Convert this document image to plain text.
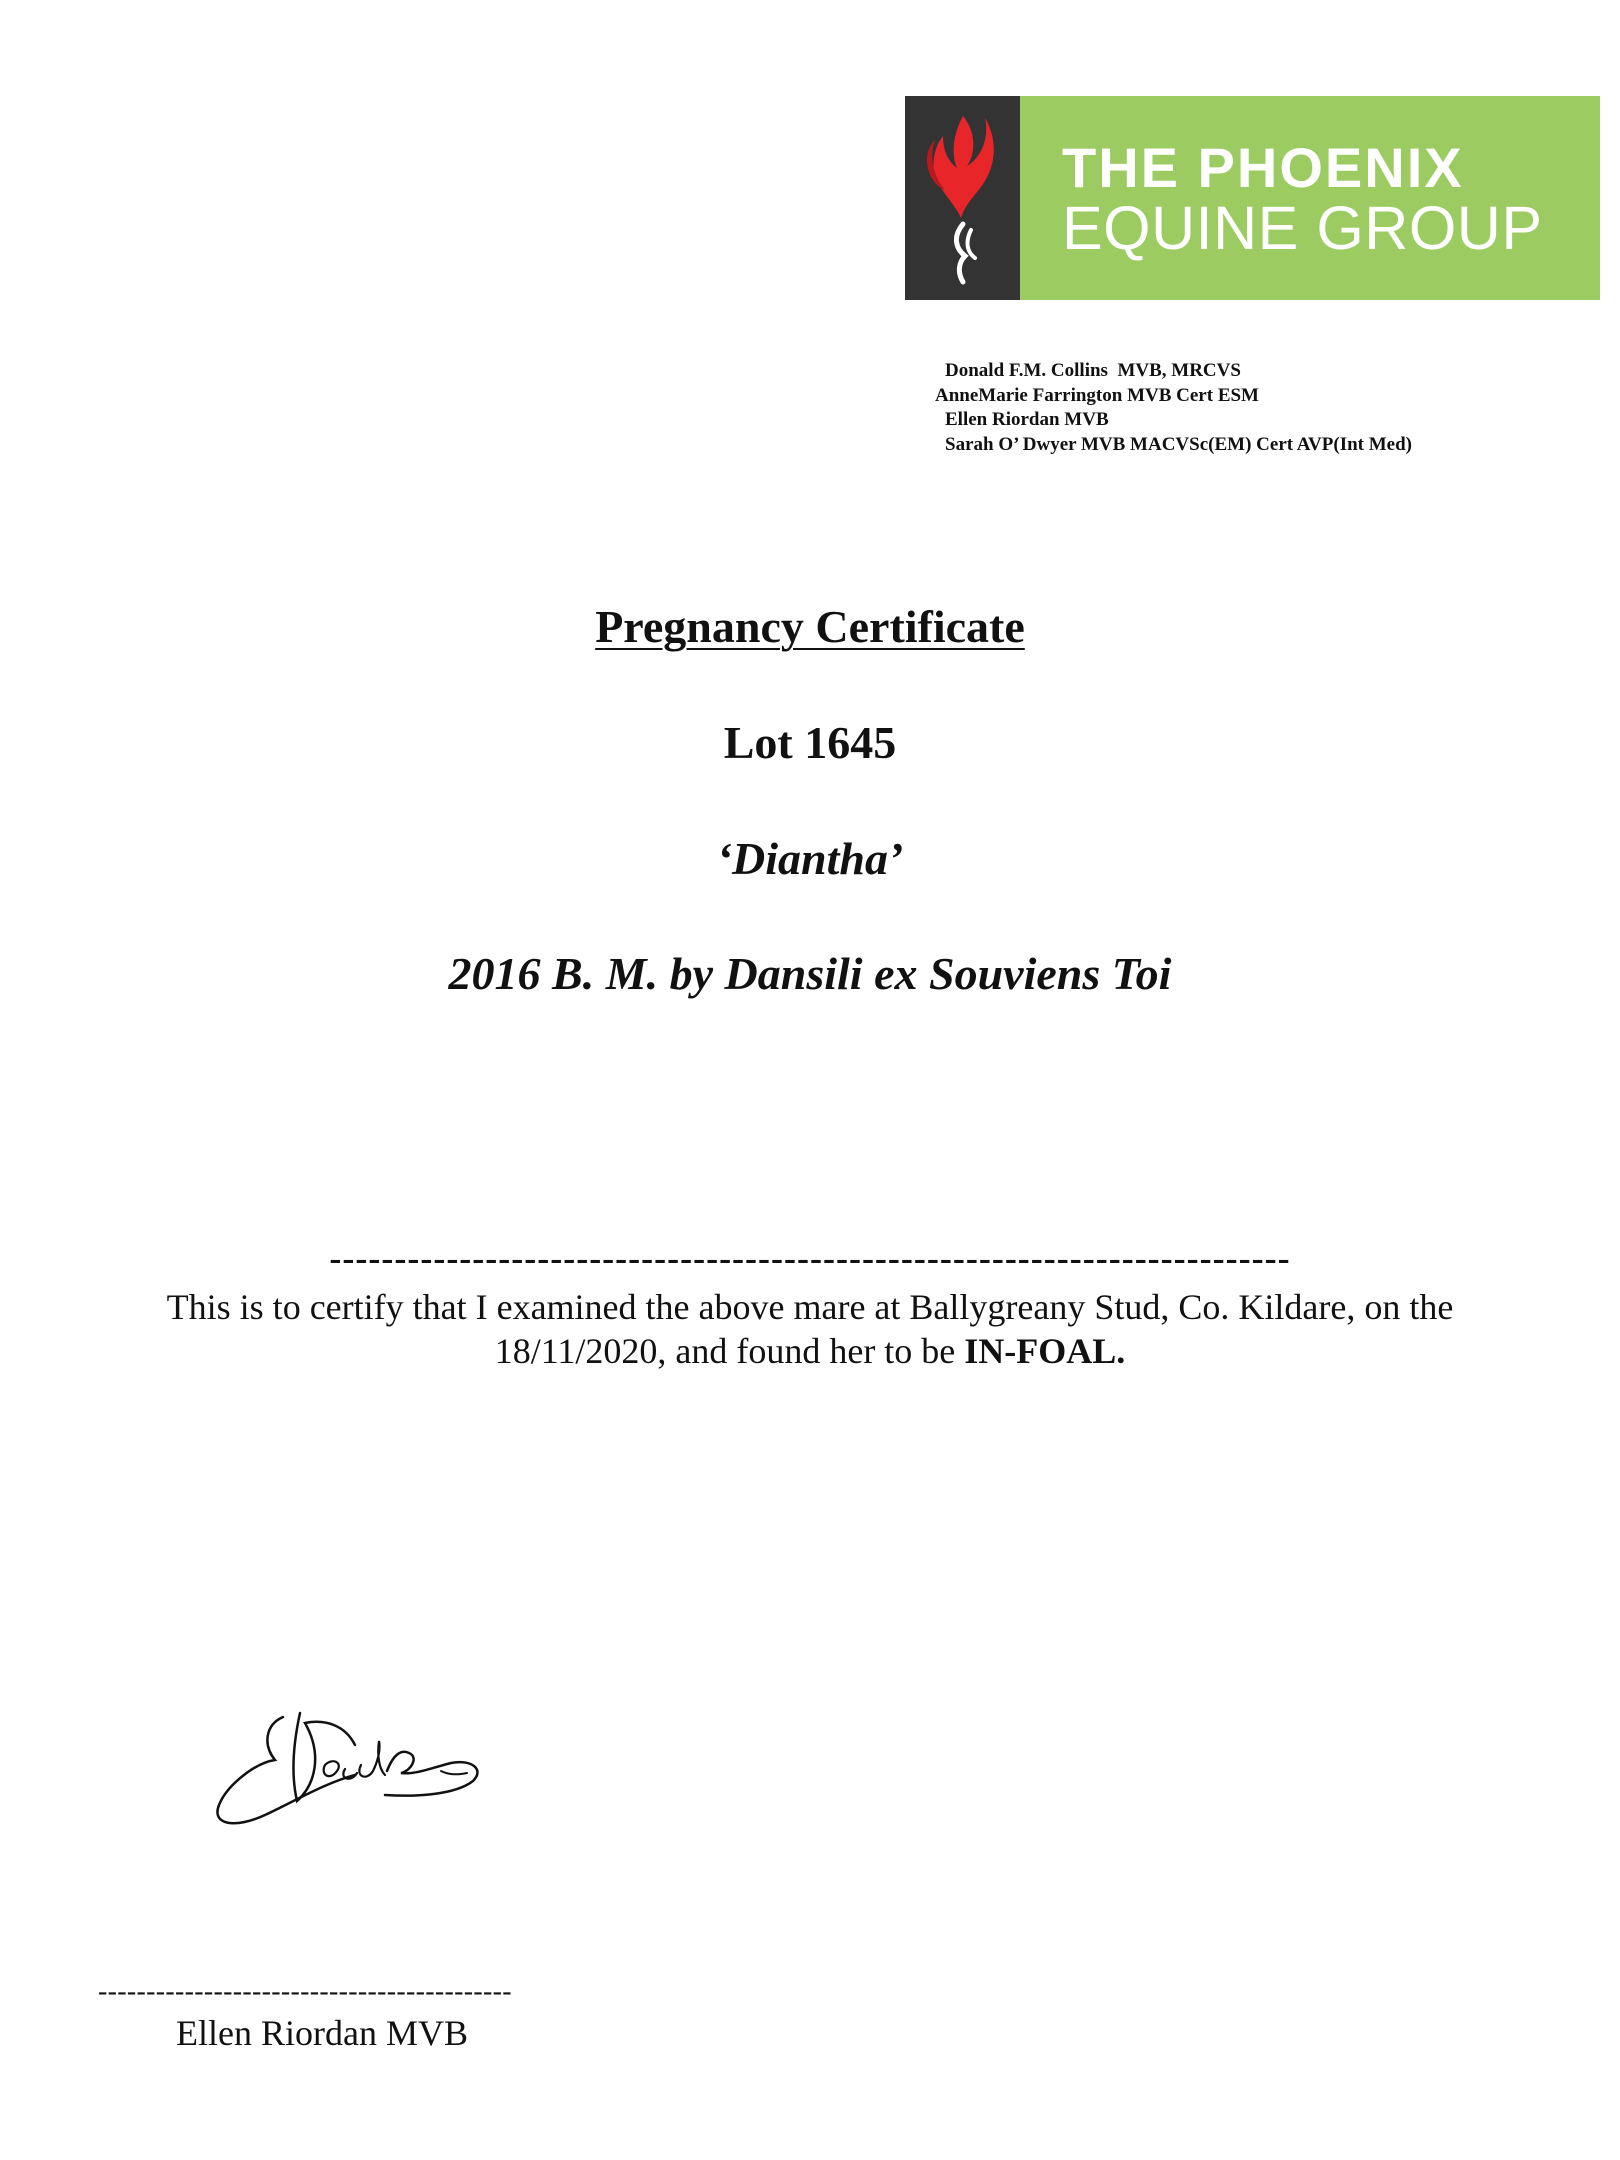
THE PHOENIX
EQUINE GROUP
Donald F.M. Collins  MVB, MRCVS
AnneMarie Farrington MVB Cert ESM
Ellen Riordan MVB
Sarah O’ Dwyer MVB MACVSc(EM) Cert AVP(Int Med)
Pregnancy Certificate
Lot 1645
‘Diantha’
2016 B. M. by Dansili ex Souviens Toi
--------------------------------------------------------------------------
This is to certify that I examined the above mare at Ballygreany Stud, Co. Kildare, on the 18/11/2020, and found her to be IN-FOAL.
-------------------------------------------
Ellen Riordan MVB
